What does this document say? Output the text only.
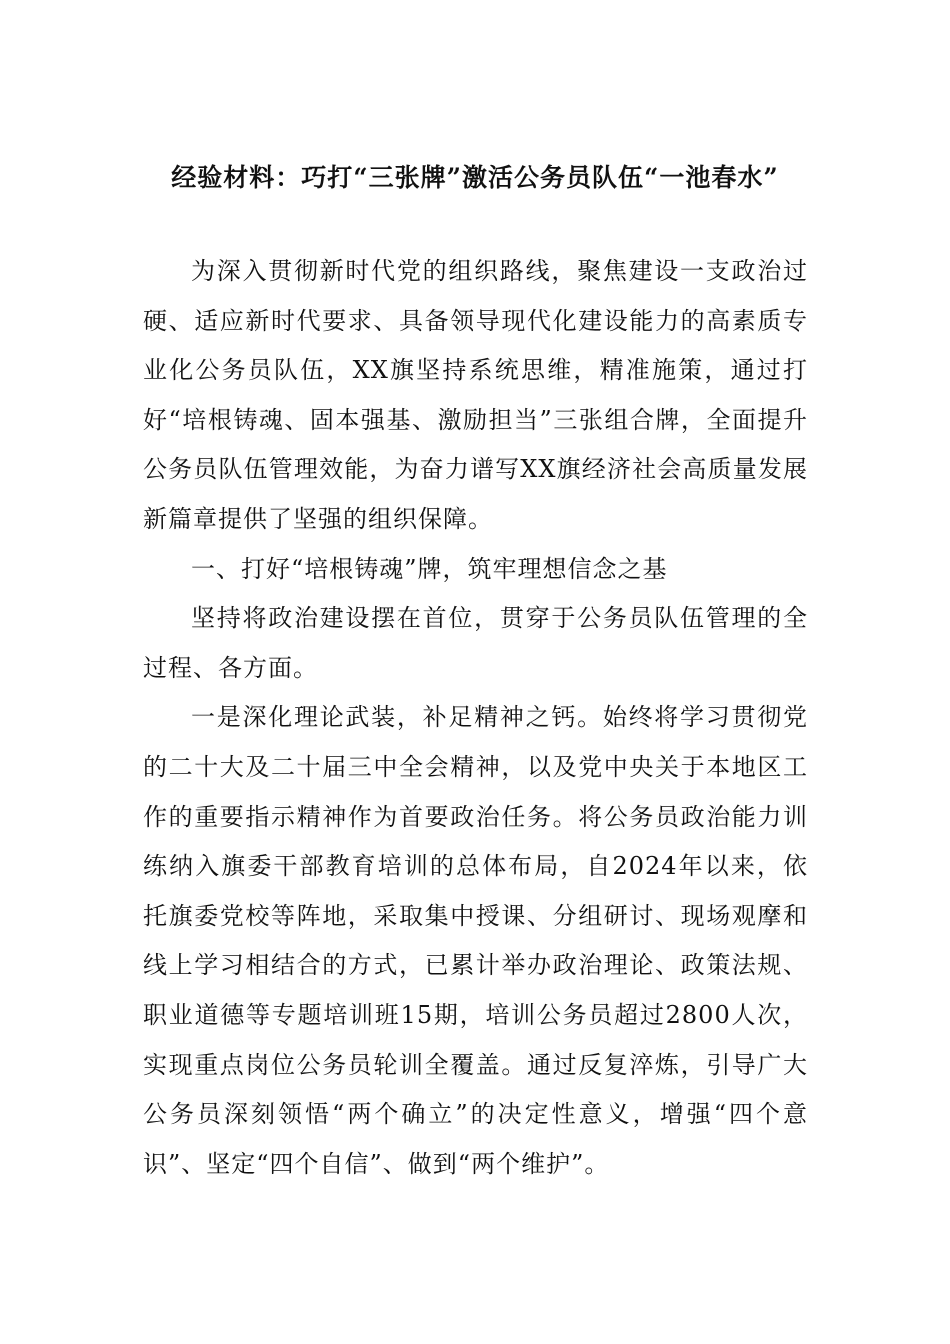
经验材料：巧打“三张牌”激活公务员队伍“一池春水”

为深入贯彻新时代党的组织路线，聚焦建设一支政治过硬、适应新时代要求、具备领导现代化建设能力的高素质专业化公务员队伍，XX旗坚持系统思维，精准施策，通过打好“培根铸魂、固本强基、激励担当”三张组合牌，全面提升公务员队伍管理效能，为奋力谱写XX旗经济社会高质量发展新篇章提供了坚强的组织保障。

一、打好“培根铸魂”牌，筑牢理想信念之基

坚持将政治建设摆在首位，贯穿于公务员队伍管理的全过程、各方面。

一是深化理论武装，补足精神之钙。始终将学习贯彻党的二十大及二十届三中全会精神，以及党中央关于本地区工作的重要指示精神作为首要政治任务。将公务员政治能力训练纳入旗委干部教育培训的总体布局，自2024年以来，依托旗委党校等阵地，采取集中授课、分组研讨、现场观摩和线上学习相结合的方式，已累计举办政治理论、政策法规、职业道德等专题培训班15期，培训公务员超过2800人次，实现重点岗位公务员轮训全覆盖。通过反复淬炼，引导广大公务员深刻领悟“两个确立”的决定性意义，增强“四个意识”、坚定“四个自信”、做到“两个维护”。
